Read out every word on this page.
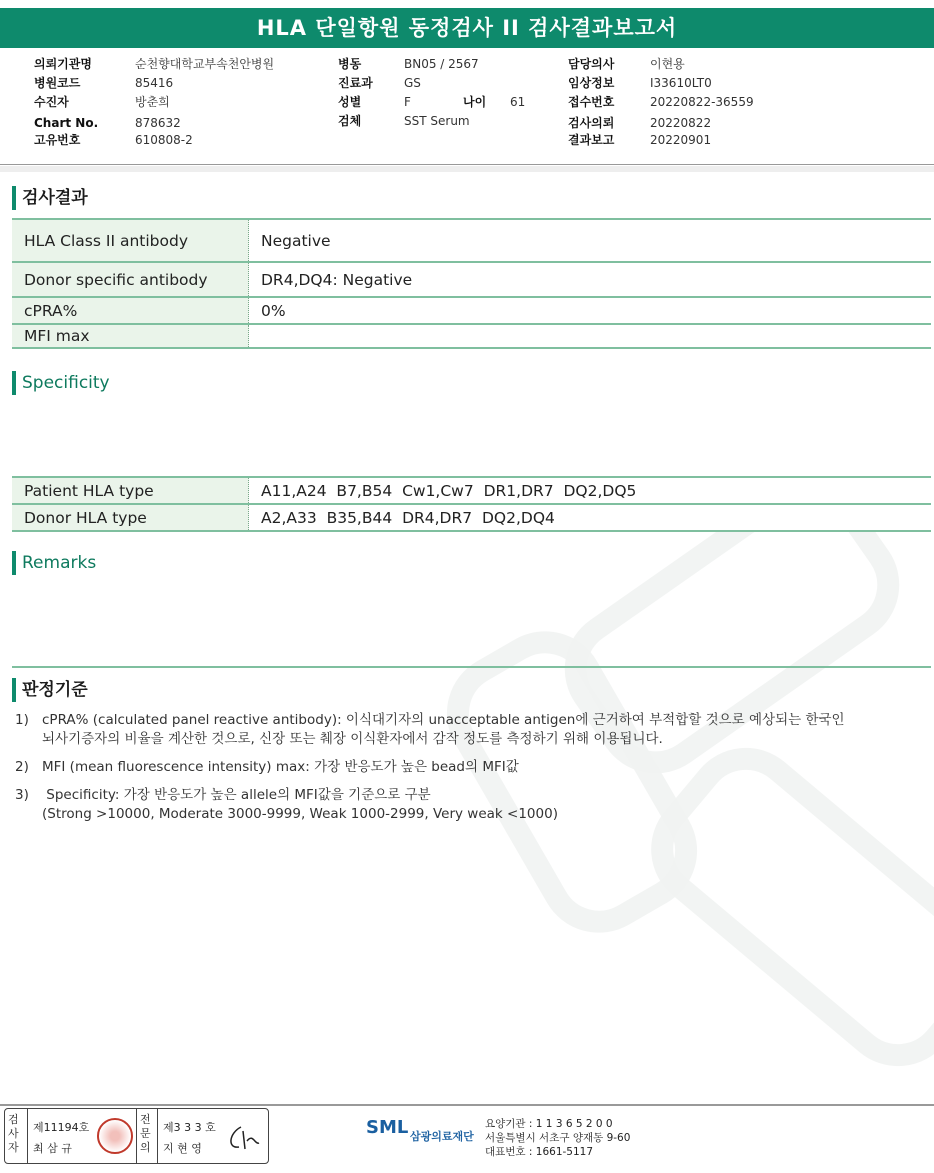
HLA 단일항원 동정검사 II 검사결과보고서
의뢰기관명	순천향대학교부속천안병원
병원코드	85416
수진자	방춘희
Chart No.	878632
고유번호	610808-2
병동	BN05 / 2567
진료과	GS
성별	F	나이 61
검체	SST Serum
담당의사	이현용
임상정보	I33610LT0
접수번호	20220822-36559
검사의뢰	20220822
결과보고	20220901
검사결과
HLA Class II antibody	Negative
Donor specific antibody	DR4,DQ4: Negative
cPRA%	0%
MFI max	
Specificity
Patient HLA type	A11,A24  B7,B54  Cw1,Cw7  DR1,DR7  DQ2,DQ5
Donor HLA type	A2,A33  B35,B44  DR4,DR7  DQ2,DQ4
Remarks
판정기준
1) cPRA% (calculated panel reactive antibody): 이식대기자의 unacceptable antigen에 근거하여 부적합할 것으로 예상되는 한국인
뇌사기증자의 비율을 계산한 것으로, 신장 또는 췌장 이식환자에서 감작 정도를 측정하기 위해 이용됩니다.
2) MFI (mean fluorescence intensity) max: 가장 반응도가 높은 bead의 MFI값
3) Specificity: 가장 반응도가 높은 allele의 MFI값을 기준으로 구분
(Strong >10000, Moderate 3000-9999, Weak 1000-2999, Very weak <1000)
검사자
제11194호
최 삼 규
전문의
제3 3 3 호
지 현 영
SML 삼광의료재단
요양기관 : 1 1 3 6 5 2 0 0
서울특별시 서초구 양재동 9-60
대표번호 : 1661-5117
